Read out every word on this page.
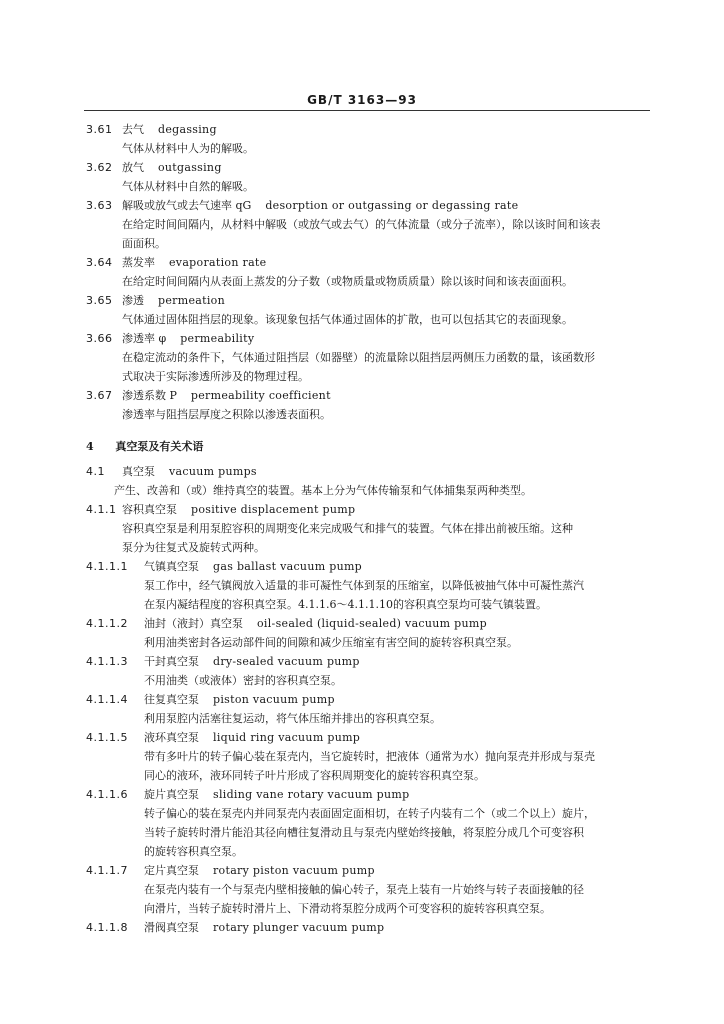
GB/T 3163—93
3.61 去气 degassing
气体从材料中人为的解吸。
3.62 放气 outgassing
气体从材料中自然的解吸。
3.63 解吸或放气或去气速率 qG desorption or outgassing or degassing rate
在给定时间间隔内，从材料中解吸（或放气或去气）的气体流量（或分子流率），除以该时间和该表
面面积。
3.64 蒸发率 evaporation rate
在给定时间间隔内从表面上蒸发的分子数（或物质量或物质质量）除以该时间和该表面面积。
3.65 渗透 permeation
气体通过固体阻挡层的现象。该现象包括气体通过固体的扩散，也可以包括其它的表面现象。
3.66 渗透率 φ permeability
在稳定流动的条件下，气体通过阻挡层（如器壁）的流量除以阻挡层两侧压力函数的量，该函数形
式取决于实际渗透所涉及的物理过程。
3.67 渗透系数 P permeability coefficient
渗透率与阻挡层厚度之积除以渗透表面积。
4 真空泵及有关术语
4.1 真空泵 vacuum pumps
产生、改善和（或）维持真空的装置。基本上分为气体传输泵和气体捕集泵两种类型。
4.1.1 容积真空泵 positive displacement pump
容积真空泵是利用泵腔容积的周期变化来完成吸气和排气的装置。气体在排出前被压缩。这种
泵分为往复式及旋转式两种。
4.1.1.1 气镇真空泵 gas ballast vacuum pump
泵工作中，经气镇阀放入适量的非可凝性气体到泵的压缩室，以降低被抽气体中可凝性蒸汽
在泵内凝结程度的容积真空泵。4.1.1.6～4.1.1.10的容积真空泵均可装气镇装置。
4.1.1.2 油封（液封）真空泵 oil-sealed (liquid-sealed) vacuum pump
利用油类密封各运动部件间的间隙和减少压缩室有害空间的旋转容积真空泵。
4.1.1.3 干封真空泵 dry-sealed vacuum pump
不用油类（或液体）密封的容积真空泵。
4.1.1.4 往复真空泵 piston vacuum pump
利用泵腔内活塞往复运动，将气体压缩并排出的容积真空泵。
4.1.1.5 液环真空泵 liquid ring vacuum pump
带有多叶片的转子偏心装在泵壳内，当它旋转时，把液体（通常为水）抛向泵壳并形成与泵壳
同心的液环，液环同转子叶片形成了容积周期变化的旋转容积真空泵。
4.1.1.6 旋片真空泵 sliding vane rotary vacuum pump
转子偏心的装在泵壳内并同泵壳内表面固定面相切，在转子内装有二个（或二个以上）旋片，
当转子旋转时滑片能沿其径向槽往复滑动且与泵壳内壁始终接触，将泵腔分成几个可变容积
的旋转容积真空泵。
4.1.1.7 定片真空泵 rotary piston vacuum pump
在泵壳内装有一个与泵壳内壁相接触的偏心转子，泵壳上装有一片始终与转子表面接触的径
向滑片，当转子旋转时滑片上、下滑动将泵腔分成两个可变容积的旋转容积真空泵。
4.1.1.8 滑阀真空泵 rotary plunger vacuum pump
